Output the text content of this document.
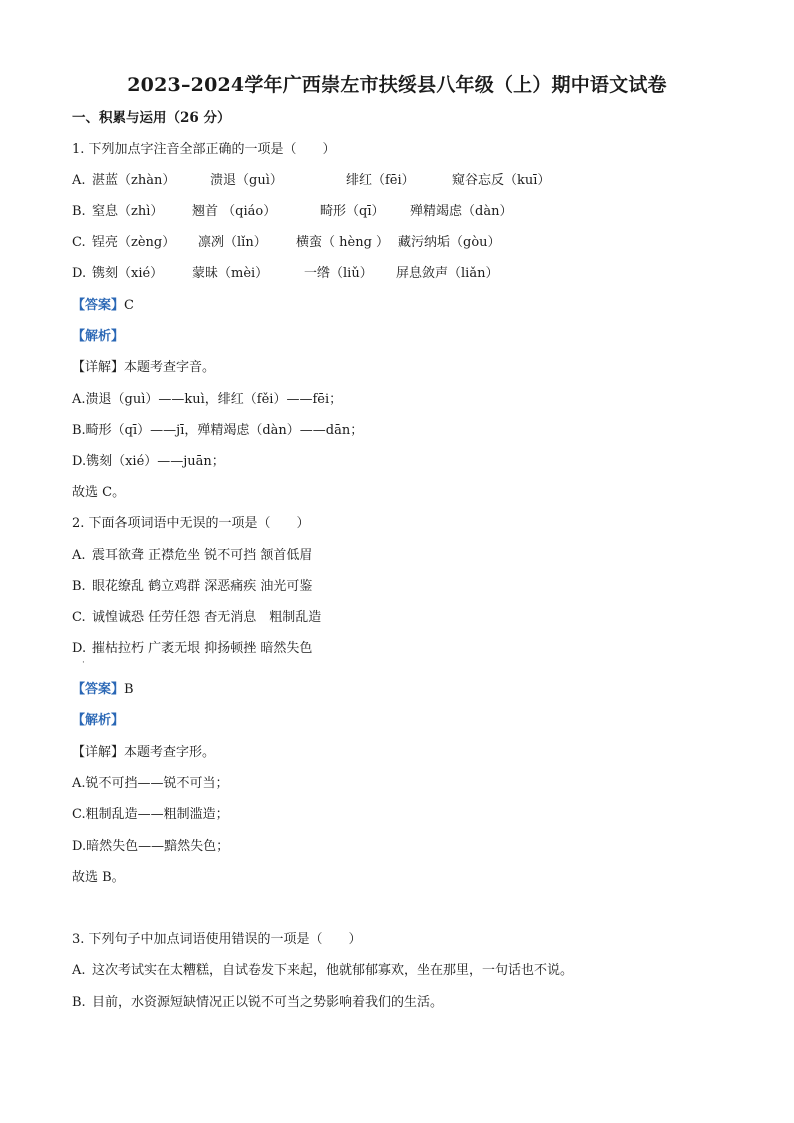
2023–2024学年广西崇左市扶绥县八年级（上）期中语文试卷
一、积累与运用（26 分）
1. 下列加点字注音全部正确的一项是（　　）
A. 湛蓝（zhàn）	溃退（guì）	绯红（fēi）	窥谷忘反（kuī）
B. 窒息（zhì）	翘首 （qiáo）	畸形（qī）	殚精竭虑（dàn）
C. 锃亮（zèng）	凛冽（lǐn）	横蛮（ hèng ） 藏污纳垢（gòu）
D. 镌刻（xié）	蒙昧（mèi）	一绺（liǔ）	屏息敛声（liǎn）
【答案】C
【解析】
【详解】本题考查字音。
A.溃退（guì）——kuì，绯红（fěi）——fēi；
B.畸形（qī）——jī，殚精竭虑（dàn）——dān；
D.镌刻（xié）——juān；
故选 C。
2. 下面各项词语中无误的一项是（　　）
A. 震耳欲聋 正襟危坐 锐不可挡 颔首低眉
B. 眼花缭乱 鹤立鸡群 深恶痛疾 油光可鉴
C. 诚惶诚恐 任劳任怨 杳无消息　粗制乱造
D. 摧枯拉朽 广袤无垠 抑扬顿挫 暗然失色
·
【答案】B
【解析】
【详解】本题考查字形。
A.锐不可挡——锐不可当；
C.粗制乱造——粗制滥造；
D.暗然失色——黯然失色；
故选 B。
3. 下列句子中加点词语使用错误的一项是（　　）
A. 这次考试实在太糟糕，自试卷发下来起，他就郁郁寡欢，坐在那里，一句话也不说。
B. 目前，水资源短缺情况正以锐不可当之势影响着我们的生活。
